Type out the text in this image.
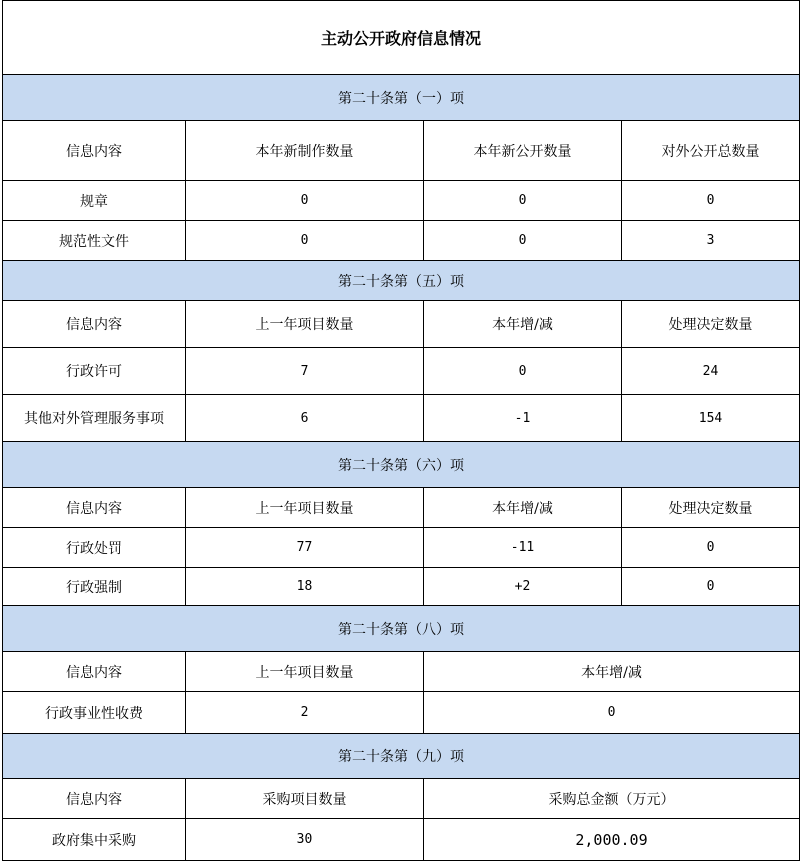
主动公开政府信息情况			
第二十条第（一）项			
信息内容	本年新制作数量	本年新公开数量	对外公开总数量
规章	0	0	0
规范性文件	0	0	3
第二十条第（五）项			
信息内容	上一年项目数量	本年增/减	处理决定数量
行政许可	7	0	24
其他对外管理服务事项	6	-1	154
第二十条第（六）项			
信息内容	上一年项目数量	本年增/减	处理决定数量
行政处罚	77	-11	0
行政强制	18	+2	0
第二十条第（八）项			
信息内容	上一年项目数量	本年增/减	
行政事业性收费	2	0	
第二十条第（九）项			
信息内容	采购项目数量	采购总金额（万元）	
政府集中采购	30	2,000.09	
